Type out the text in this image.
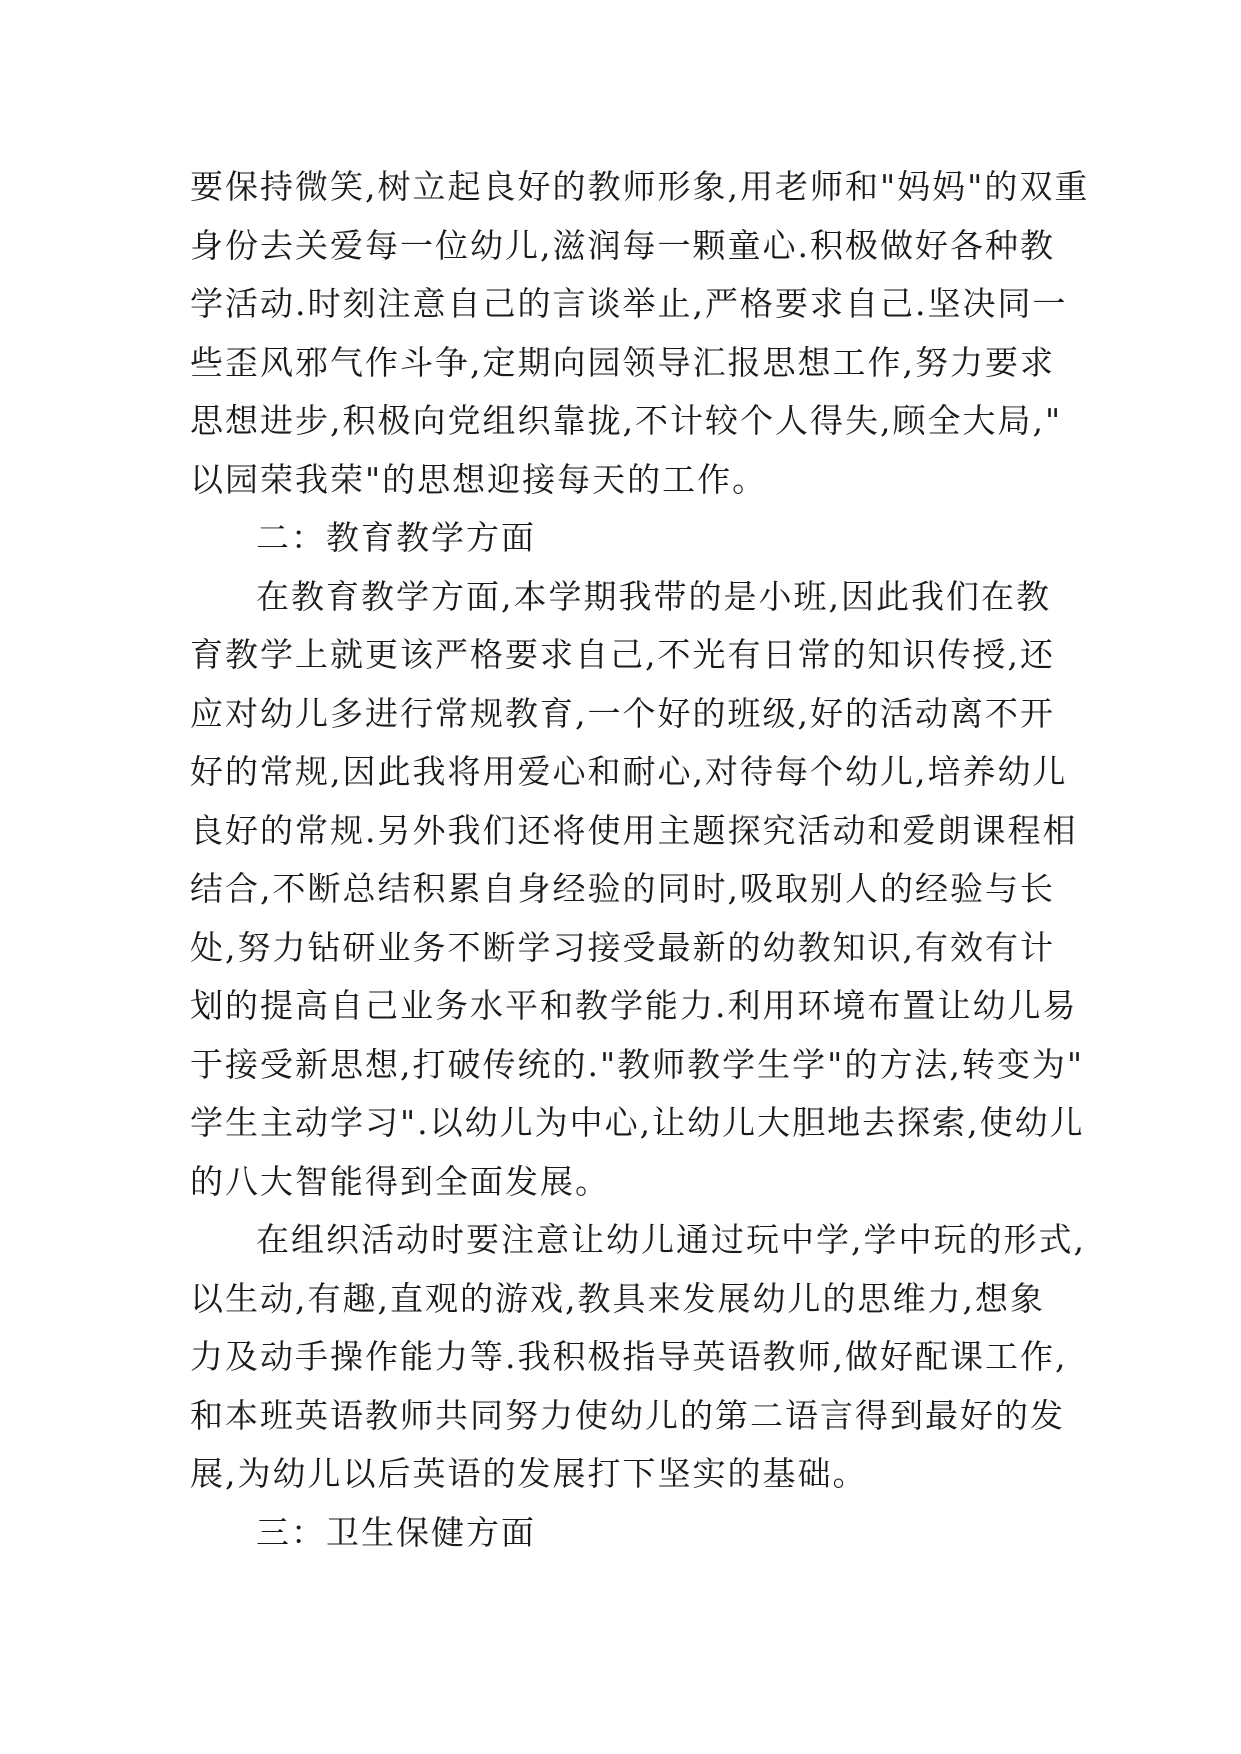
要保持微笑,树立起良好的教师形象,用老师和"妈妈"的双重
身份去关爱每一位幼儿,滋润每一颗童心.积极做好各种教
学活动.时刻注意自己的言谈举止,严格要求自己.坚决同一
些歪风邪气作斗争,定期向园领导汇报思想工作,努力要求
思想进步,积极向党组织靠拢,不计较个人得失,顾全大局,"
以园荣我荣"的思想迎接每天的工作。

二：教育教学方面

在教育教学方面,本学期我带的是小班,因此我们在教
育教学上就更该严格要求自己,不光有日常的知识传授,还
应对幼儿多进行常规教育,一个好的班级,好的活动离不开
好的常规,因此我将用爱心和耐心,对待每个幼儿,培养幼儿
良好的常规.另外我们还将使用主题探究活动和爱朗课程相
结合,不断总结积累自身经验的同时,吸取别人的经验与长
处,努力钻研业务不断学习接受最新的幼教知识,有效有计
划的提高自己业务水平和教学能力.利用环境布置让幼儿易
于接受新思想,打破传统的."教师教学生学"的方法,转变为"
学生主动学习".以幼儿为中心,让幼儿大胆地去探索,使幼儿
的八大智能得到全面发展。

在组织活动时要注意让幼儿通过玩中学,学中玩的形式,
以生动,有趣,直观的游戏,教具来发展幼儿的思维力,想象
力及动手操作能力等.我积极指导英语教师,做好配课工作,
和本班英语教师共同努力使幼儿的第二语言得到最好的发
展,为幼儿以后英语的发展打下坚实的基础。

三：卫生保健方面
